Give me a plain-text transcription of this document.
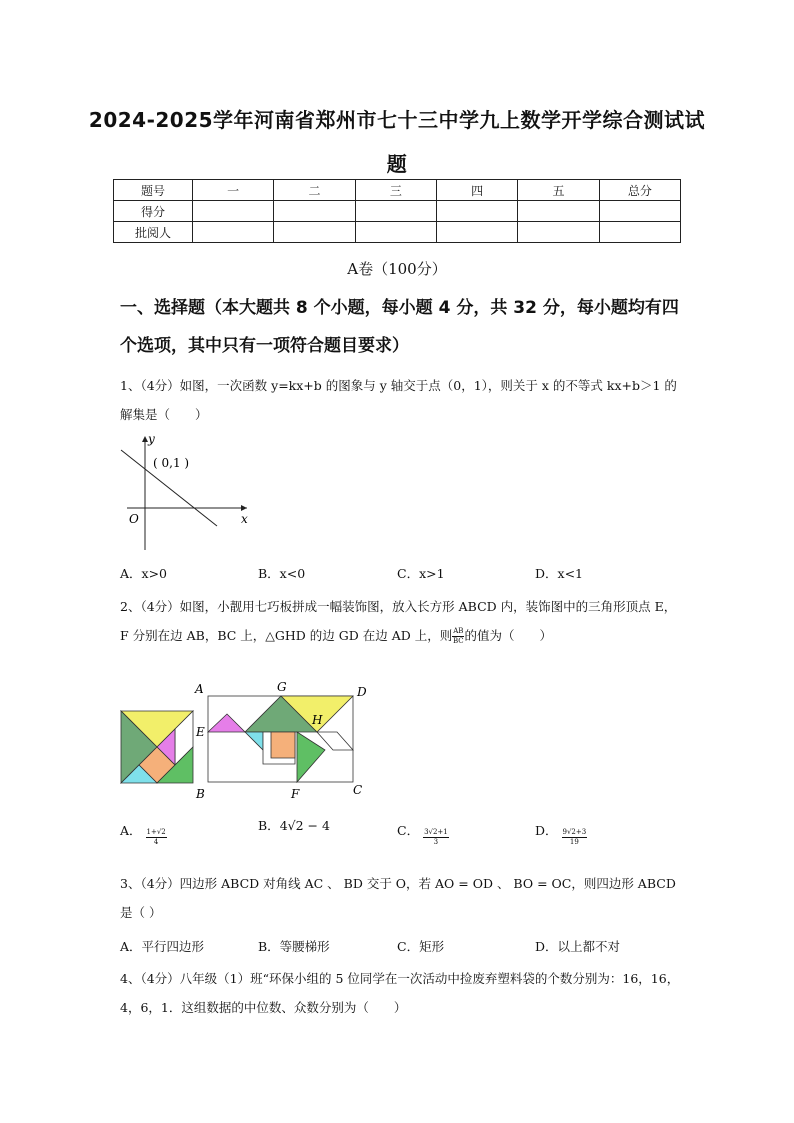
2024-2025学年河南省郑州市七十三中学九上数学开学综合测试试
题
题号	一	二	三	四	五	总分
得分						
批阅人						
A卷（100分）
一、选择题（本大题共 8 个小题，每小题 4 分，共 32 分，每小题均有四个选项，其中只有一项符合题目要求）
1、（4分）如图，一次函数 y=kx+b 的图象与 y 轴交于点（0，1），则关于 x 的不等式 kx+b＞1 的解集是（　　）
y
x
O
( 0,1 )
A．x>0	B．x<0	C．x>1	D．x<1
2、（4分）如图，小靓用七巧板拼成一幅装饰图，放入长方形 ABCD 内，装饰图中的三角形顶点 E，F 分别在边 AB，BC 上，△GHD 的边 GD 在边 AD 上，则 $\frac{AB}{BC}$ 的值为（　　）
A	G	D
H
E
B	F	C
A． $\frac{1+√2}{4}$
B．4√2 − 4	C． $\frac{3√2+1}{3}$	D． $\frac{9√2+3}{19}$
3、（4分）四边形 ABCD 对角线 AC 、 BD 交于 O，若 AO = OD 、 BO = OC，则四边形 ABCD 是（ ）
A．平行四边形	B．等腰梯形	C．矩形	D．以上都不对
4、（4分）八年级（1）班“环保小组的 5 位同学在一次活动中捡废弃塑料袋的个数分别为：16，16，4，6，1．这组数据的中位数、众数分别为（　　）
